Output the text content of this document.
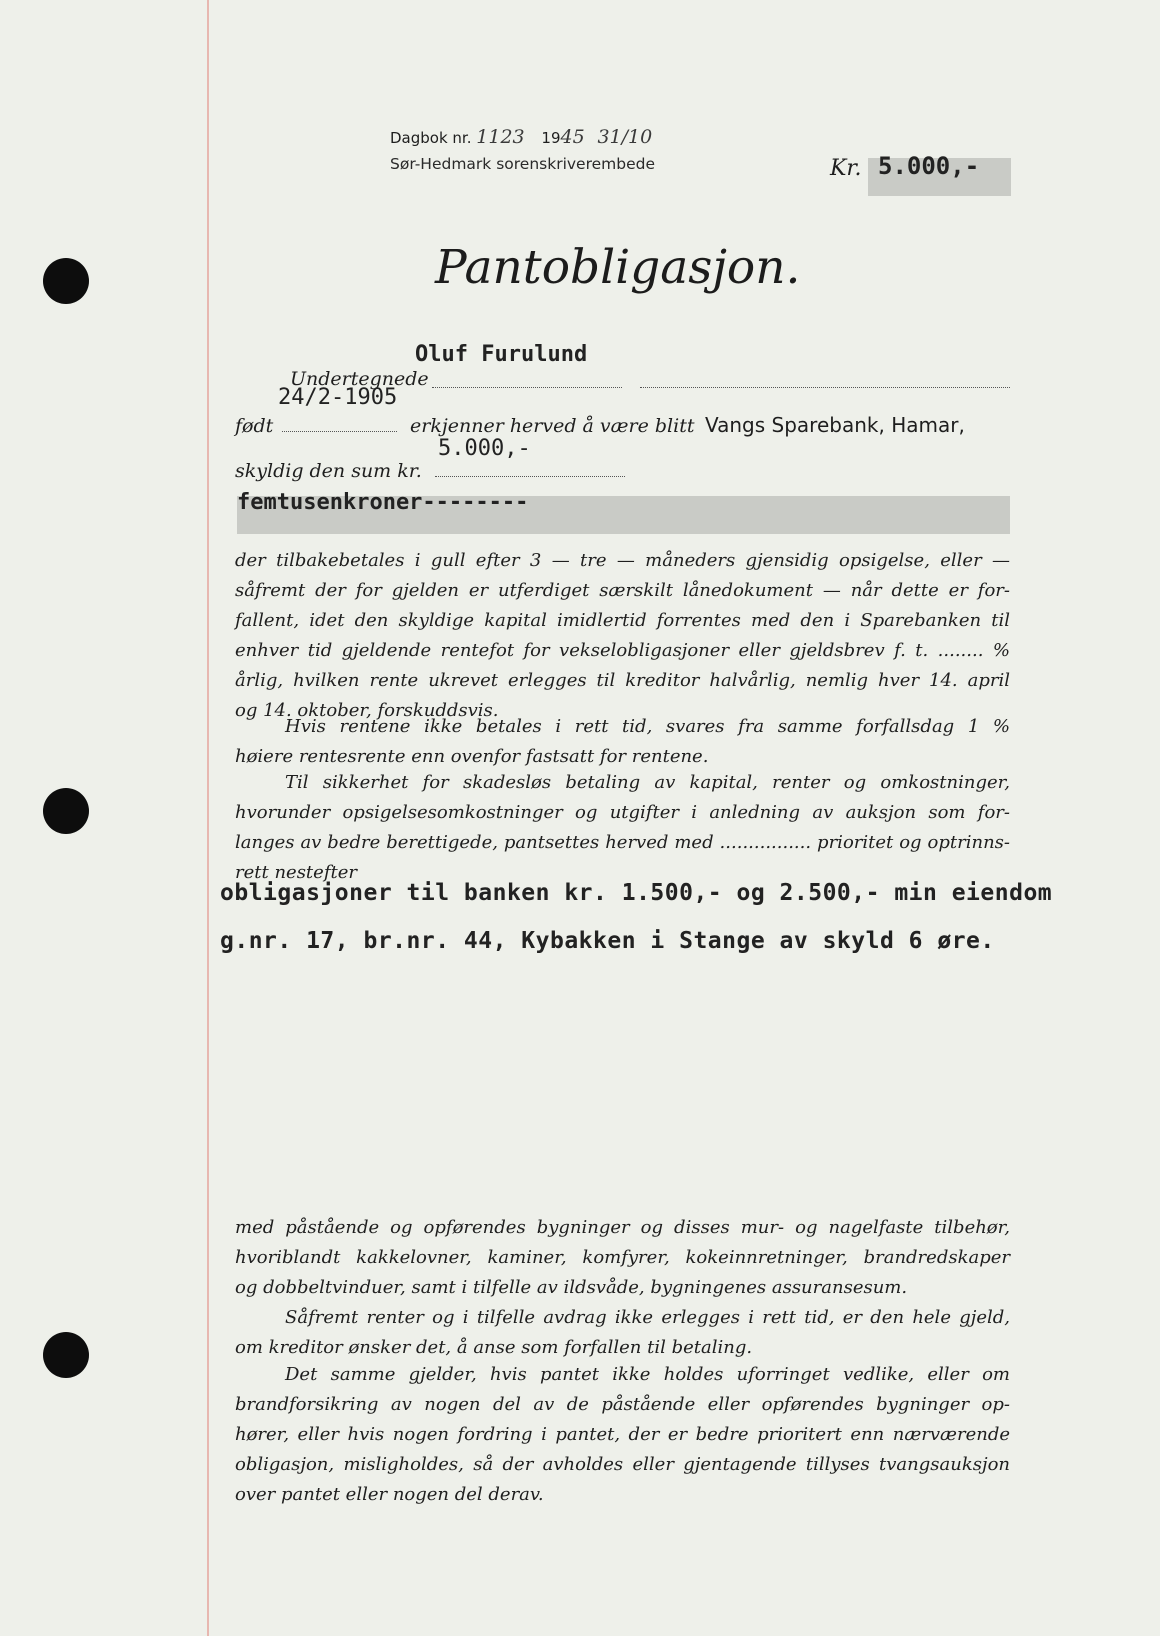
Dagbok nr. 1123 1945 31/10
Sør-Hedmark sorenskriverembede	Kr. 5.000,-
Pantobligasjon.
Oluf Furulund
Undertegnede
24/2-1905
født	erkjenner herved å være blitt Vangs Sparebank, Hamar,
5.000,-
skyldig den sum kr.
femtusenkroner--------

der tilbakebetales i gull efter 3 — tre — måneders gjensidig opsigelse, eller —

såfremt der for gjelden er utferdiget særskilt lånedokument — når dette er for-

fallent, idet den skyldige kapital imidlertid forrentes med den i Sparebanken til

enhver tid gjeldende rentefot for vekselobligasjoner eller gjeldsbrev f. t. ........ %

årlig, hvilken rente ukrevet erlegges til kreditor halvårlig, nemlig hver 14. april

og 14. oktober, forskuddsvis.

Hvis rentene ikke betales i rett tid, svares fra samme forfallsdag 1 %

høiere rentesrente enn ovenfor fastsatt for rentene.

Til sikkerhet for skadesløs betaling av kapital, renter og omkostninger,

hvorunder opsigelsesomkostninger og utgifter i anledning av auksjon som for-

langes av bedre berettigede, pantsettes herved med ................ prioritet og optrinns-

rett nestefter

obligasjoner til banken kr. 1.500,- og 2.500,- min eiendom
g.nr. 17, br.nr. 44, Kybakken i Stange av skyld 6 øre.

med påstående og opførendes bygninger og disses mur- og nagelfaste tilbehør,

hvoriblandt kakkelovner, kaminer, komfyrer, kokeinnretninger, brandredskaper

og dobbeltvinduer, samt i tilfelle av ildsvåde, bygningenes assuransesum.

Såfremt renter og i tilfelle avdrag ikke erlegges i rett tid, er den hele gjeld,

om kreditor ønsker det, å anse som forfallen til betaling.

Det samme gjelder, hvis pantet ikke holdes uforringet vedlike, eller om

brandforsikring av nogen del av de påstående eller opførendes bygninger op-

hører, eller hvis nogen fordring i pantet, der er bedre prioritert enn nærværende

obligasjon, misligholdes, så der avholdes eller gjentagende tillyses tvangsauksjon

over pantet eller nogen del derav.
